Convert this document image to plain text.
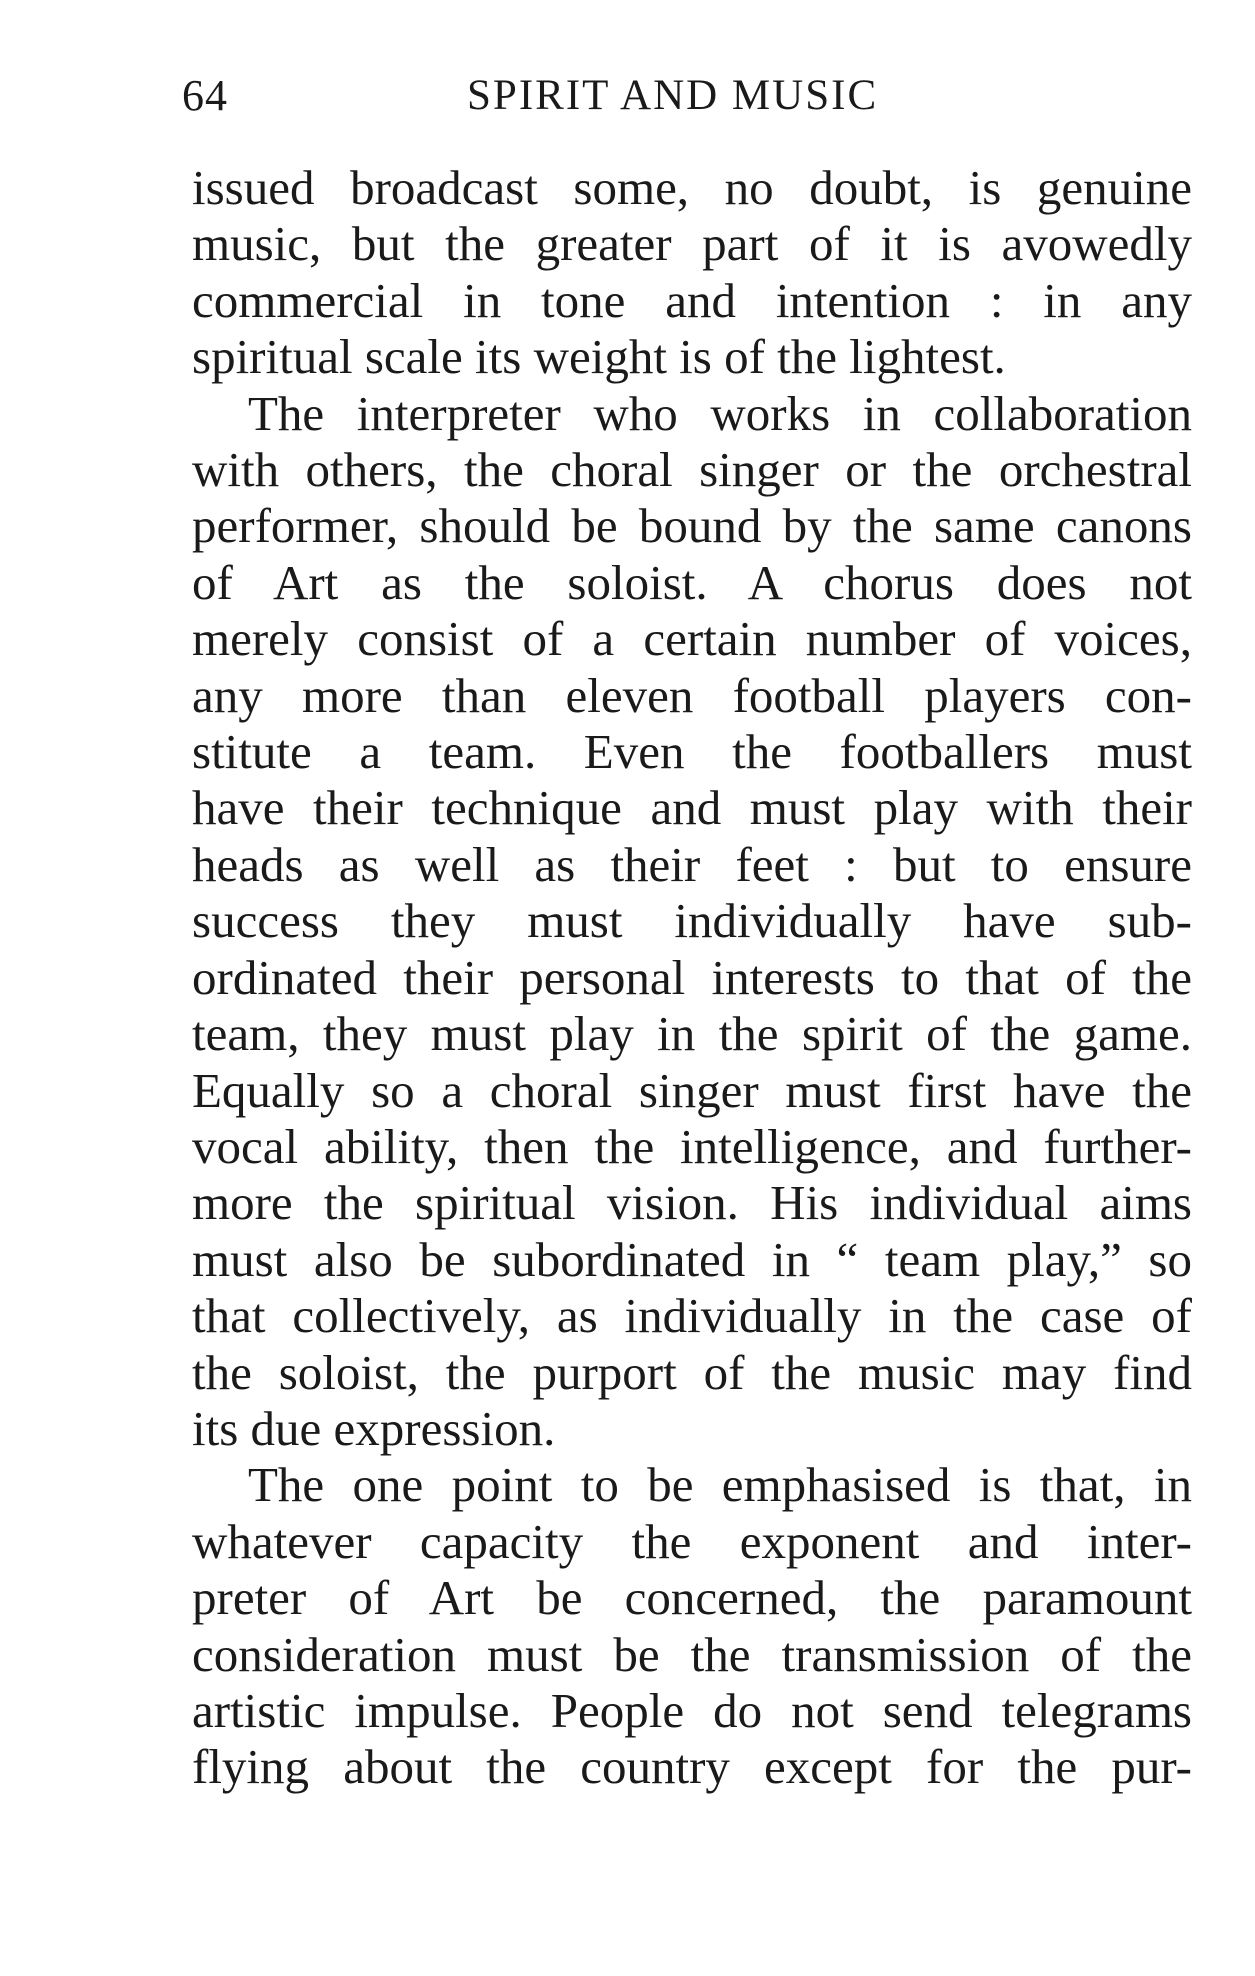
64	SPIRIT AND MUSIC
issued broadcast some, no doubt, is genuine
music, but the greater part of it is avowedly
commercial in tone and intention : in any
spiritual scale its weight is of the lightest.
The interpreter who works in collaboration
with others, the choral singer or the orchestral
performer, should be bound by the same canons
of Art as the soloist. A chorus does not
merely consist of a certain number of voices,
any more than eleven football players con-
stitute a team. Even the footballers must
have their technique and must play with their
heads as well as their feet : but to ensure
success they must individually have sub-
ordinated their personal interests to that of the
team, they must play in the spirit of the game.
Equally so a choral singer must first have the
vocal ability, then the intelligence, and further-
more the spiritual vision. His individual aims
must also be subordinated in “ team play,” so
that collectively, as individually in the case of
the soloist, the purport of the music may find
its due expression.
The one point to be emphasised is that, in
whatever capacity the exponent and inter-
preter of Art be concerned, the paramount
consideration must be the transmission of the
artistic impulse. People do not send telegrams
flying about the country except for the pur-
